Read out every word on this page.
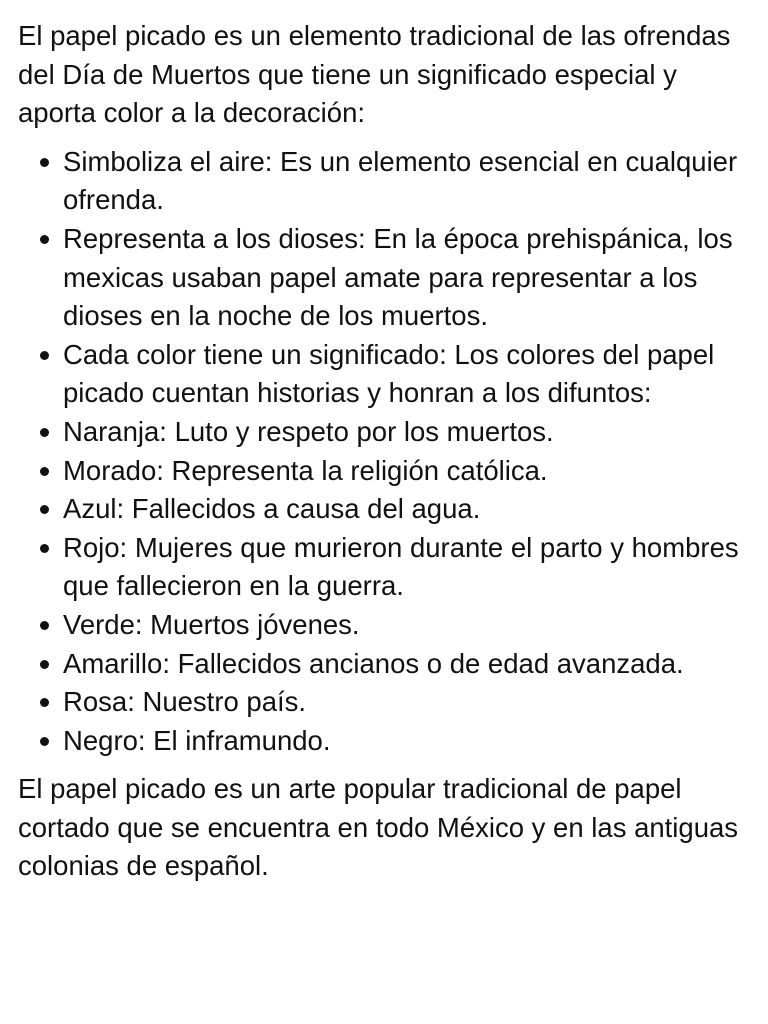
El papel picado es un elemento tradicional de las ofrendas del Día de Muertos que tiene un significado especial y aporta color a la decoración:

Simboliza el aire: Es un elemento esencial en cualquier ofrenda.
Representa a los dioses: En la época prehispánica, los mexicas usaban papel amate para representar a los dioses en la noche de los muertos.
Cada color tiene un significado: Los colores del papel picado cuentan historias y honran a los difuntos:
Naranja: Luto y respeto por los muertos.
Morado: Representa la religión católica.
Azul: Fallecidos a causa del agua.
Rojo: Mujeres que murieron durante el parto y hombres que fallecieron en la guerra.
Verde: Muertos jóvenes.
Amarillo: Fallecidos ancianos o de edad avanzada.
Rosa: Nuestro país.
Negro: El inframundo.

El papel picado es un arte popular tradicional de papel cortado que se encuentra en todo México y en las antiguas colonias de español.
